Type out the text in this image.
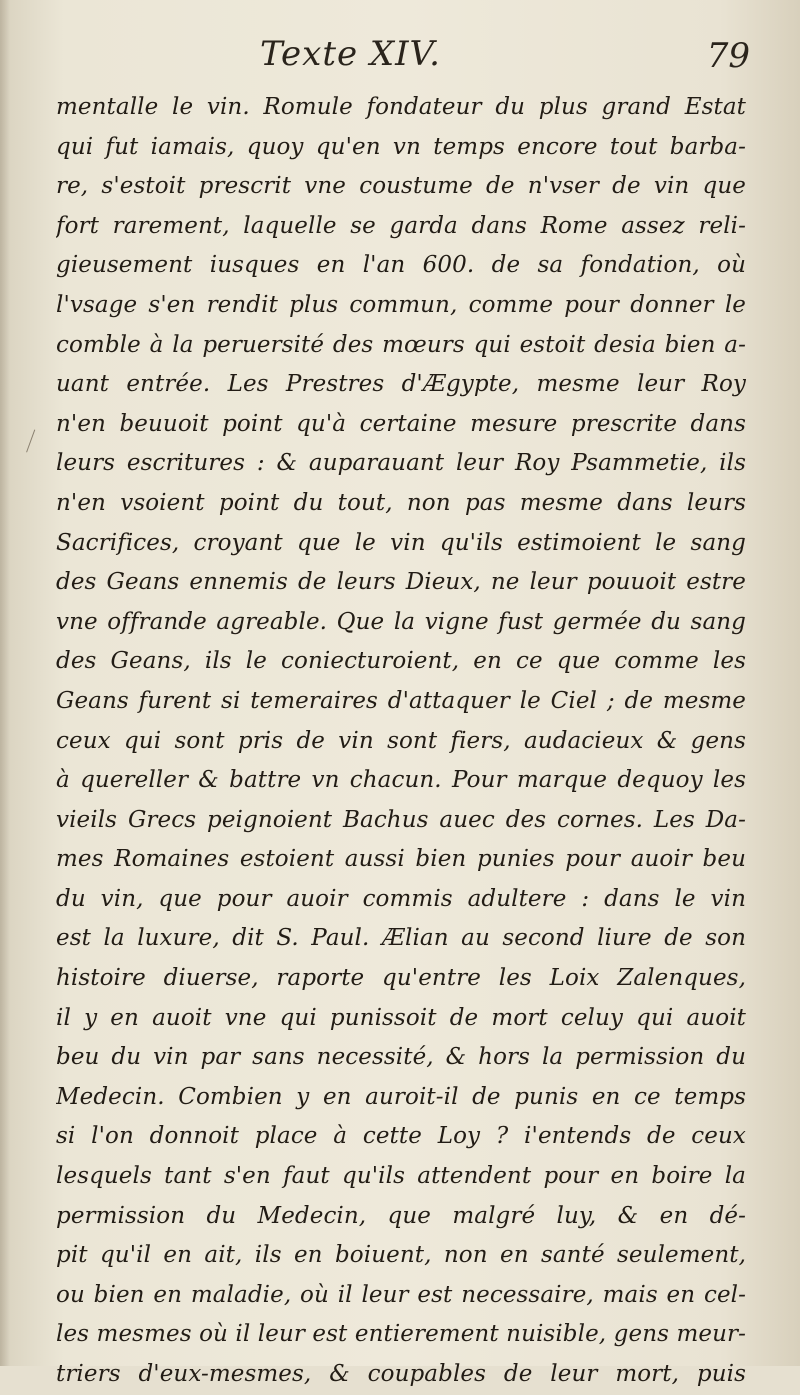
Texte XIV.	79
mentalle le vin. Romule fondateur du plus grand Estat
qui fut iamais, quoy qu'en vn temps encore tout barba-
re, s'estoit prescrit vne coustume de n'vser de vin que
fort rarement, laquelle se garda dans Rome assez reli-
gieusement iusques en l'an 600. de sa fondation, où
l'vsage s'en rendit plus commun, comme pour donner le
comble à la peruersité des mœurs qui estoit desia bien a-
uant entrée. Les Prestres d'Ægypte, mesme leur Roy
n'en beuuoit point qu'à certaine mesure prescrite dans
leurs escritures : & auparauant leur Roy Psammetie, ils
n'en vsoient point du tout, non pas mesme dans leurs
Sacrifices, croyant que le vin qu'ils estimoient le sang
des Geans ennemis de leurs Dieux, ne leur pouuoit estre
vne offrande agreable. Que la vigne fust germée du sang
des Geans, ils le coniecturoient, en ce que comme les
Geans furent si temeraires d'attaquer le Ciel ; de mesme
ceux qui sont pris de vin sont fiers, audacieux & gens
à quereller & battre vn chacun. Pour marque dequoy les
vieils Grecs peignoient Bachus auec des cornes. Les Da-
mes Romaines estoient aussi bien punies pour auoir beu
du vin, que pour auoir commis adultere : dans le vin
est la luxure, dit S. Paul. Ælian au second liure de son
histoire diuerse, raporte qu'entre les Loix Zalenques,
il y en auoit vne qui punissoit de mort celuy qui auoit
beu du vin par sans necessité, & hors la permission du
Medecin. Combien y en auroit-il de punis en ce temps
si l'on donnoit place à cette Loy ? i'entends de ceux
lesquels tant s'en faut qu'ils attendent pour en boire la
permission du Medecin, que malgré luy, & en dé-
pit qu'il en ait, ils en boiuent, non en santé seulement,
ou bien en maladie, où il leur est necessaire, mais en cel-
les mesmes où il leur est entierement nuisible, gens meur-
triers d'eux-mesmes, & coupables de leur mort, puis
